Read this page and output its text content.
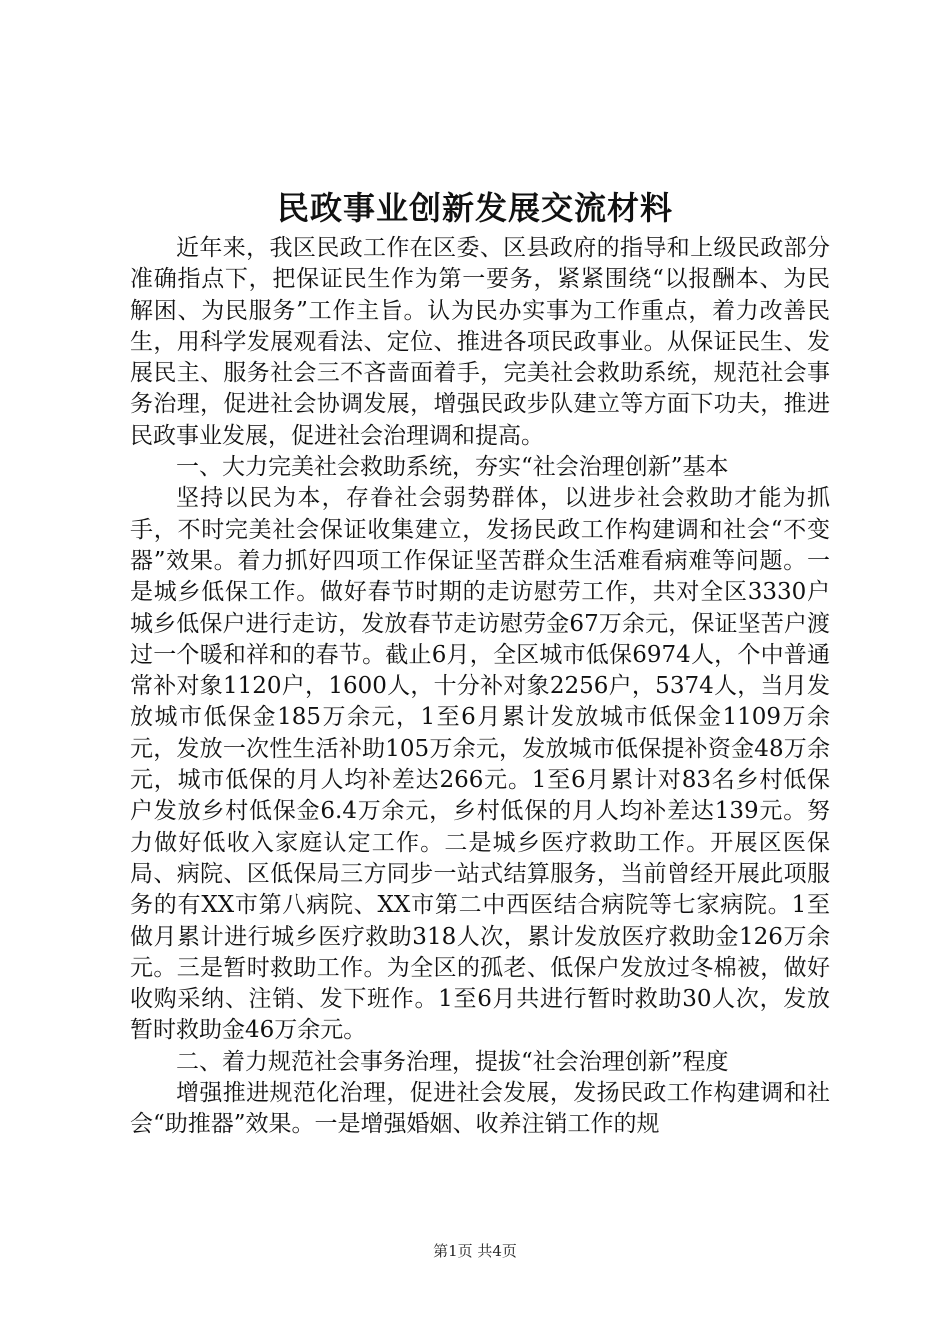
民政事业创新发展交流材料

近年来，我区民政工作在区委、区县政府的指导和上级民政部分准确指点下，把保证民生作为第一要务，紧紧围绕“以报酬本、为民解困、为民服务”工作主旨。认为民办实事为工作重点，着力改善民生，用科学发展观看法、定位、推进各项民政事业。从保证民生、发展民主、服务社会三不吝啬面着手，完美社会救助系统，规范社会事务治理，促进社会协调发展，增强民政步队建立等方面下功夫，推进民政事业发展，促进社会治理调和提高。

一、大力完美社会救助系统，夯实“社会治理创新”基本

坚持以民为本，存眷社会弱势群体，以进步社会救助才能为抓手，不时完美社会保证收集建立，发扬民政工作构建调和社会“不变器”效果。着力抓好四项工作保证坚苦群众生活难看病难等问题。一是城乡低保工作。做好春节时期的走访慰劳工作，共对全区3330户城乡低保户进行走访，发放春节走访慰劳金67万余元，保证坚苦户渡过一个暖和祥和的春节。截止6月，全区城市低保6974人，个中普通常补对象1120户，1600人，十分补对象2256户，5374人，当月发放城市低保金185万余元，1至6月累计发放城市低保金1109万余元，发放一次性生活补助105万余元，发放城市低保提补资金48万余元，城市低保的月人均补差达266元。1至6月累计对83名乡村低保户发放乡村低保金6.4万余元，乡村低保的月人均补差达139元。努力做好低收入家庭认定工作。二是城乡医疗救助工作。开展区医保局、病院、区低保局三方同步一站式结算服务，当前曾经开展此项服务的有XX市第八病院、XX市第二中西医结合病院等七家病院。1至做月累计进行城乡医疗救助318人次，累计发放医疗救助金126万余元。三是暂时救助工作。为全区的孤老、低保户发放过冬棉被，做好收购采纳、注销、发下班作。1至6月共进行暂时救助30人次，发放暂时救助金46万余元。

二、着力规范社会事务治理，提拔“社会治理创新”程度

增强推进规范化治理，促进社会发展，发扬民政工作构建调和社会“助推器”效果。一是增强婚姻、收养注销工作的规

第1页 共4页
